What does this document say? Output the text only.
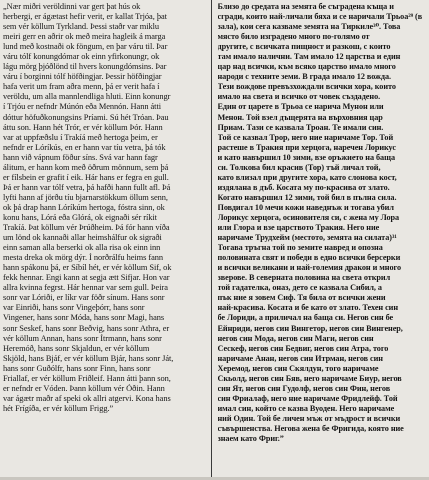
„Nær miðri veröldinni var gert þat hús ok
herbergi, er ágætast hefir verit, er kallat Trjóa, þat
sem vér köllum Tyrkland. Þessi staðr var miklu
meiri gerr en aðrir ok með meira hagleik á marga
lund með kostnaði ok föngum, en þar váru til. Þar
váru tólf konungdómar ok einn yfirkonungr, ok
lágu mörg þjóðlönd til hvers konungdómsins. Þar
váru í borginni tólf höfðingjar. Þessir höfðingjar
hafa verit um fram aðra menn, þá er verit hafa í
veröldu, um alla mannlendliga hluti. Einn konungr
í Trjóu er nefndr Múnón eða Mennón. Hann átti
dóttur höfuðkonungsins Príami. Sú hét Tróan. Þau
áttu son. Hann hét Trór, er vér köllum Þór. Hann
var at uppfæðslu í Trakíá með hertoga þeim, er
nefndr er Lóríkús, en er hann var tíu vetra, þá tók
hann við vápnum föður síns. Svá var hann fagr
álitum, er hann kom með öðrum mönnum, sem þá
er fílsbein er grafit í eik. Hár hans er fegra en gull.
Þá er hann var tólf vetra, þá hafði hann fullt afl. Þá
lyfti hann af jörðu tíu bjarnarstökkum öllum senn,
ok þá drap hann Lóríkúm hertoga, fóstra sinn, ok
konu hans, Lórá eða Glórá, ok eignaði sér ríkit
Trakíá. Þat köllum vér Þrúðheim. Þá fór hann víða
um lönd ok kannaði allar heimshálfur ok sigraði
einn saman alla berserki ok alla risa ok einn inn
mesta dreka ok mörg dýr. Í norðrálfu heims fann
hann spákonu þá, er Síbíl hét, er vér köllum Sif, ok
fekk hennar. Engi kann at segja ætt Sifjar. Hon var
allra kvinna fegrst. Hár hennar var sem gull. Þeira
sonr var Lóriði, er líkr var föðr sínum. Hans sonr
var Einriði, hans sonr Vingeþórr, hans sonr
Vingener, hans sonr Móda, hans sonr Magi, hans
sonr Seskef, hans sonr Beðvig, hans sonr Athra, er
vér köllum Annan, hans sonr Ítrmann, hans sonr
Heremóð, hans sonr Skjaldun, er vér köllum
Skjöld, hans Bjáf, er vér köllum Bjár, hans sonr Ját,
hans sonr Guðólfr, hans sonr Finn, hans sonr
Friallaf, er vér köllum Friðleif. Hann átti þann son,
er nefndr er Vóden. Þann köllum vér Óðin. Hann
var ágætr maðr af speki ok allri atgervi. Kona hans
hét Frígíða, er vér köllum Frigg.”
Близо до средата на земята бе съградена къща и
сгради, които най-личали бяха и се наричали Трьоа²⁹ (в
зала), кои сега казваме земята на Тиркиле³⁰. Това
място било изградено много по-голямо от
другите, с всичката пищност и разкош, с които
там имало налични. Там имало 12 царства и един
цар над всички, към всяко царство имало много
народи с техните земи. В града имало 12 вожда.
Тези вождове превъзхождали всички хора, които
имало на света и всичко от човек създадено.
Един от царете в Трьоа се нарича Мунон или
Менон. Той взел дъщерята на върховния цар
Приам. Тази се казвала Троан. Те имали син.
Той се казвал Трор, него ние наричаме Тор. Той
растеше в Тракия при херцога, наречен Лорикус
и като навършил 10 зими, взе оръжието на баща
си. Толкова бил красив (Тор) тъй личал той,
като влизал при другите хора, като слонова кост,
издялана в дъб. Косата му по-красива от злато.
Когато навършил 12 зими, той бил в пълна сила.
Повдигал 10 мечи кожи наведнъж и тогава убил
Лорикус херцога, осиновителя си, с жена му Лора
или Глора и взе царството Тракия. Него ние
наричаме Трудхейм (местото, земята на силата)³¹
Тогава тръгна той по земите навред и опозна
половината свят и победи в едно всички берсерки
и всички великани и най-големия дракон и много
зверове. В северната половина на света открил
той гадателка, оназ, дето се казвала Сибил, а
пък ние я зовем Сиф. Тя била от всички жени
най-красива. Косата и бе като от злато. Техен син
бе Лориди, а приличал на баща си. Негов син бе
Ейнриди, негов син Вингетор, негов син Вингенер,
негов син Мода, негов син Маги, негов син
Сескеф, негов син Бедвиг, негов син Атра, того
наричаме Анан, негов син Итрман, негов син
Херемод, негов син Скялдун, того наричаме
Скьолд, негов син Бяв, него наричаме Биур, негов
син Ят, негов син Гудолф, негов син Фин, негов
син Фриалаф, него ние наричаме Фридлейф. Той
имал син, който се казва Вуоден. Него наричаме
ний Один. Той бе личен мъж от мъдрост и всички
съвършенства. Негова жена бе Фригида, която ние
знаем като Фриг.”
